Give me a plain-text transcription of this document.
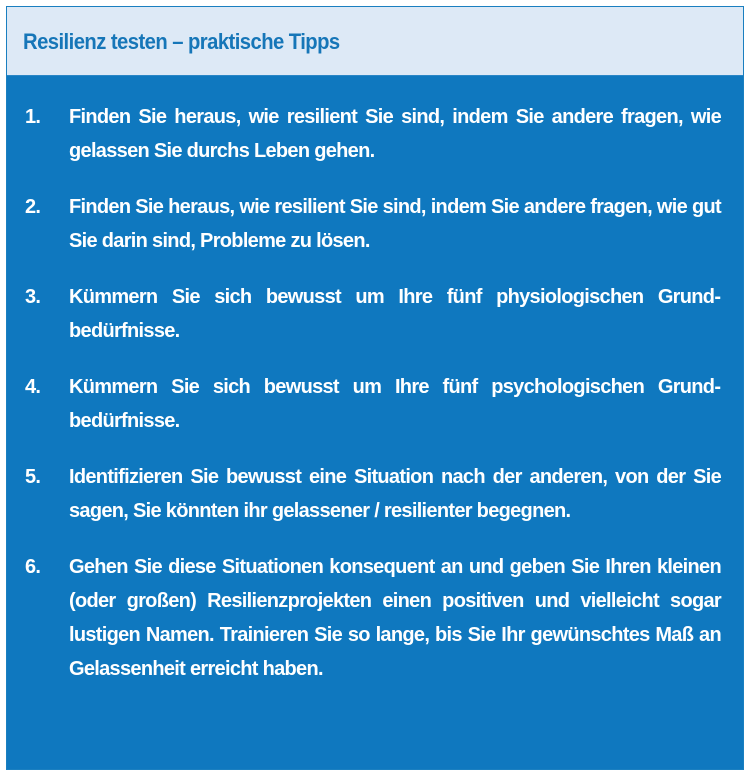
Resilienz testen – praktische Tipps
1. Finden Sie heraus, wie resilient Sie sind, indem Sie andere fragen, wie gelassen Sie durchs Leben gehen.
2. Finden Sie heraus, wie resilient Sie sind, indem Sie andere fragen, wie gut Sie darin sind, Probleme zu lösen.
3. Kümmern Sie sich bewusst um Ihre fünf physiologischen Grundbedürfnisse.
4. Kümmern Sie sich bewusst um Ihre fünf psychologischen Grundbedürfnisse.
5. Identifizieren Sie bewusst eine Situation nach der anderen, von der Sie sagen, Sie könnten ihr gelassener / resilienter begegnen.
6. Gehen Sie diese Situationen konsequent an und geben Sie Ihren kleinen (oder großen) Resilienzprojekten einen positiven und vielleicht sogar lustigen Namen. Trainieren Sie so lange, bis Sie Ihr gewünschtes Maß an Gelassenheit erreicht haben.
